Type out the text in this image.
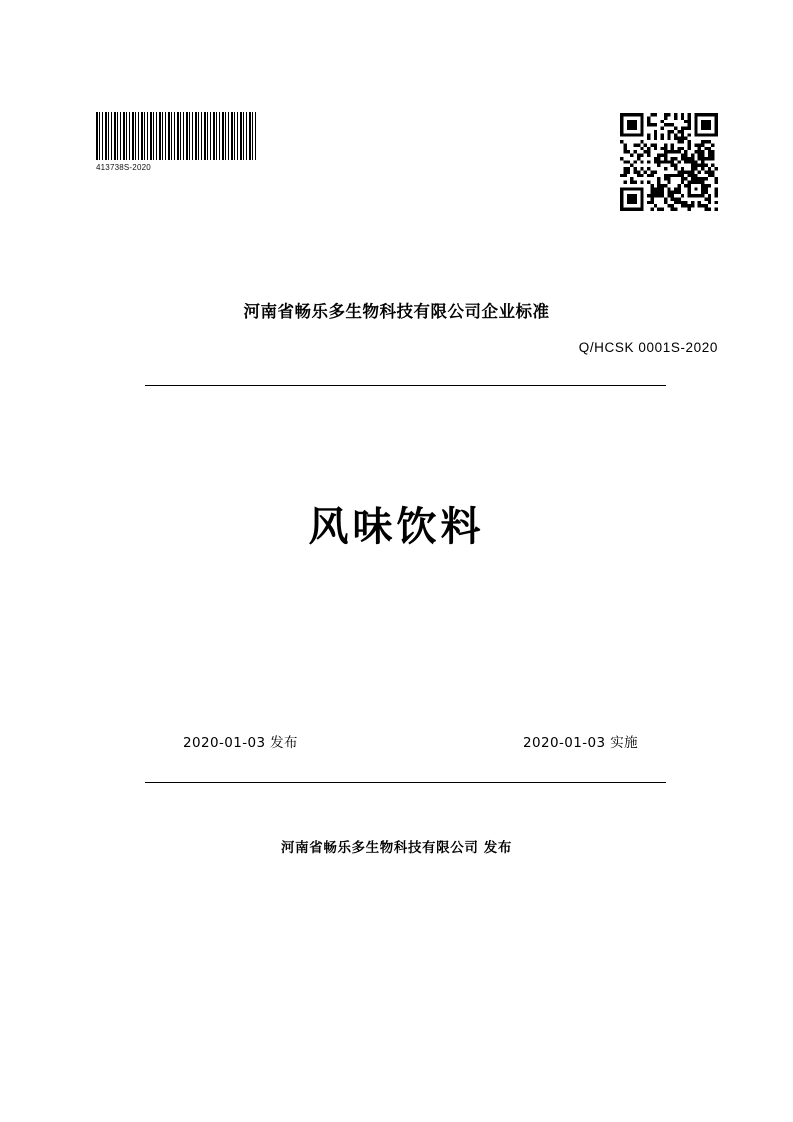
413738S-2020
河南省畅乐多生物科技有限公司企业标准
Q/HCSK 0001S-2020
风味饮料
2020-01-03 发布	2020-01-03 实施
河南省畅乐多生物科技有限公司 发布
